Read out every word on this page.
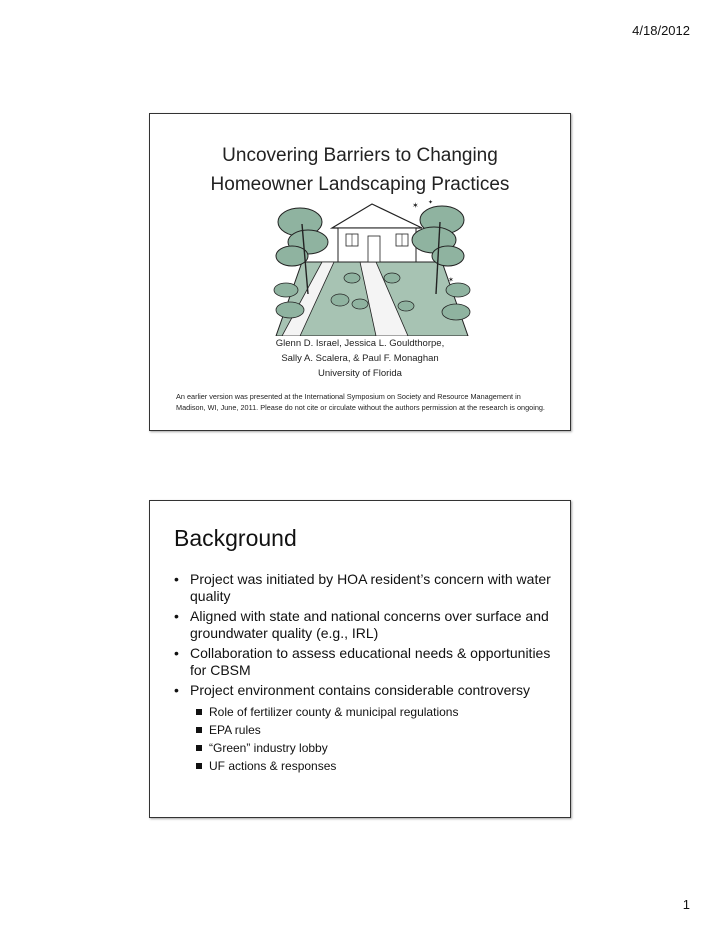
4/18/2012
Uncovering Barriers to Changing
Homeowner Landscaping Practices
✶ ✦
✶
Glenn D. Israel, Jessica L. Gouldthorpe,
Sally A. Scalera, & Paul F. Monaghan
University of Florida
An earlier version was presented at the International Symposium on Society and Resource Management in Madison, WI, June, 2011. Please do not cite or circulate without the authors permission at the research is ongoing.
Background
• Project was initiated by HOA resident’s concern with water quality
• Aligned with state and national concerns over surface and groundwater quality (e.g., IRL)
• Collaboration to assess educational needs & opportunities for CBSM
• Project environment contains considerable controversy
Role of fertilizer county & municipal regulations
EPA rules
“Green” industry lobby
UF actions & responses
1
